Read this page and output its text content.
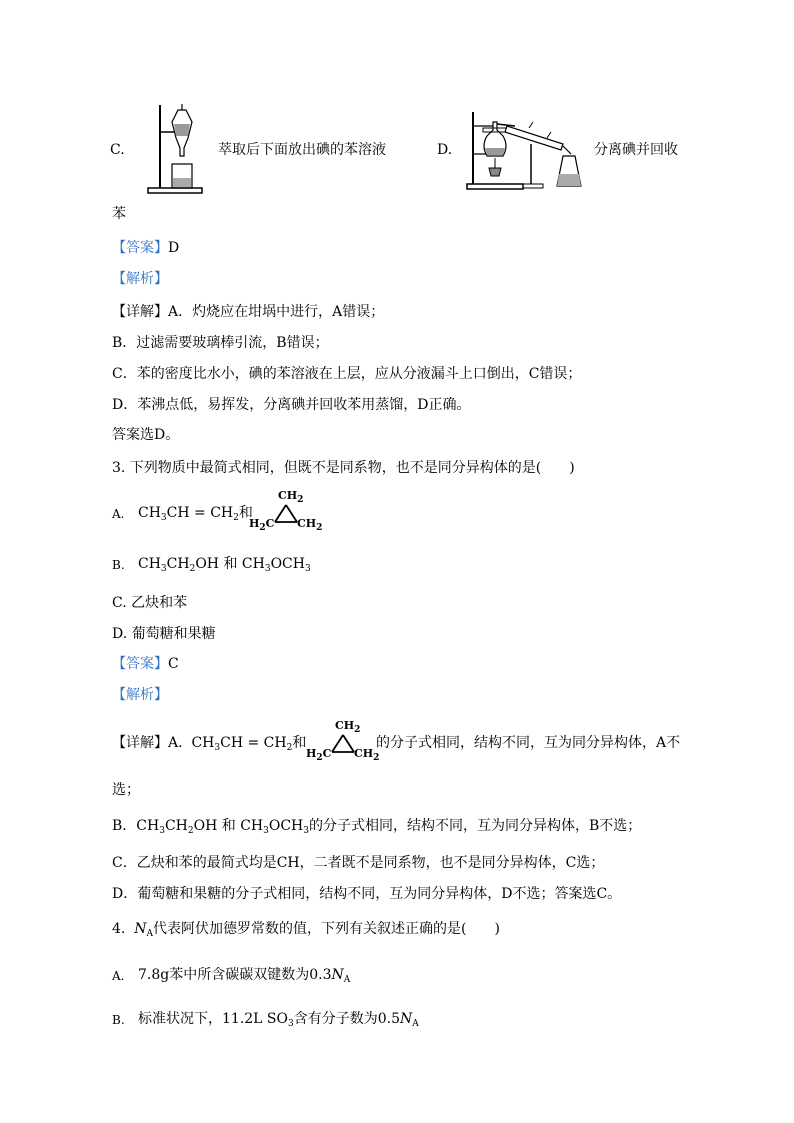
C.	萃取后下面放出碘的苯溶液	D.	分离碘并回收
苯
【答案】D
【解析】
【详解】A．灼烧应在坩埚中进行，A错误；
B．过滤需要玻璃棒引流，B错误；
C．苯的密度比水小，碘的苯溶液在上层，应从分液漏斗上口倒出，C错误；
D．苯沸点低，易挥发，分离碘并回收苯用蒸馏，D正确。
答案选D。
3. 下列物质中最简式相同，但既不是同系物，也不是同分异构体的是(　　)
A. $CH_3CH = CH_2$和
$CH_2$
$H_2C$ $CH_2$
B. $CH_3CH_2OH$ 和 $CH_3OCH_3$
C. 乙炔和苯
D. 葡萄糖和果糖
【答案】C
【解析】
【详解】A. $CH_3CH = CH_2$和
$CH_2$
$H_2C$ $CH_2$
的分子式相同，结构不同，互为同分异构体，A不
选；
B．$CH_3CH_2OH$ 和 $CH_3OCH_3$的分子式相同，结构不同，互为同分异构体，B不选；
C．乙炔和苯的最简式均是CH，二者既不是同系物，也不是同分异构体，C选；
D．葡萄糖和果糖的分子式相同，结构不同，互为同分异构体，D不选；答案选C。
4. $N_A$代表阿伏加德罗常数的值，下列有关叙述正确的是(　　)
A. 7.8g苯中所含碳碳双键数为$0.3N_A$
B. 标准状况下，11.2L $SO_3$含有分子数为$0.5N_A$
